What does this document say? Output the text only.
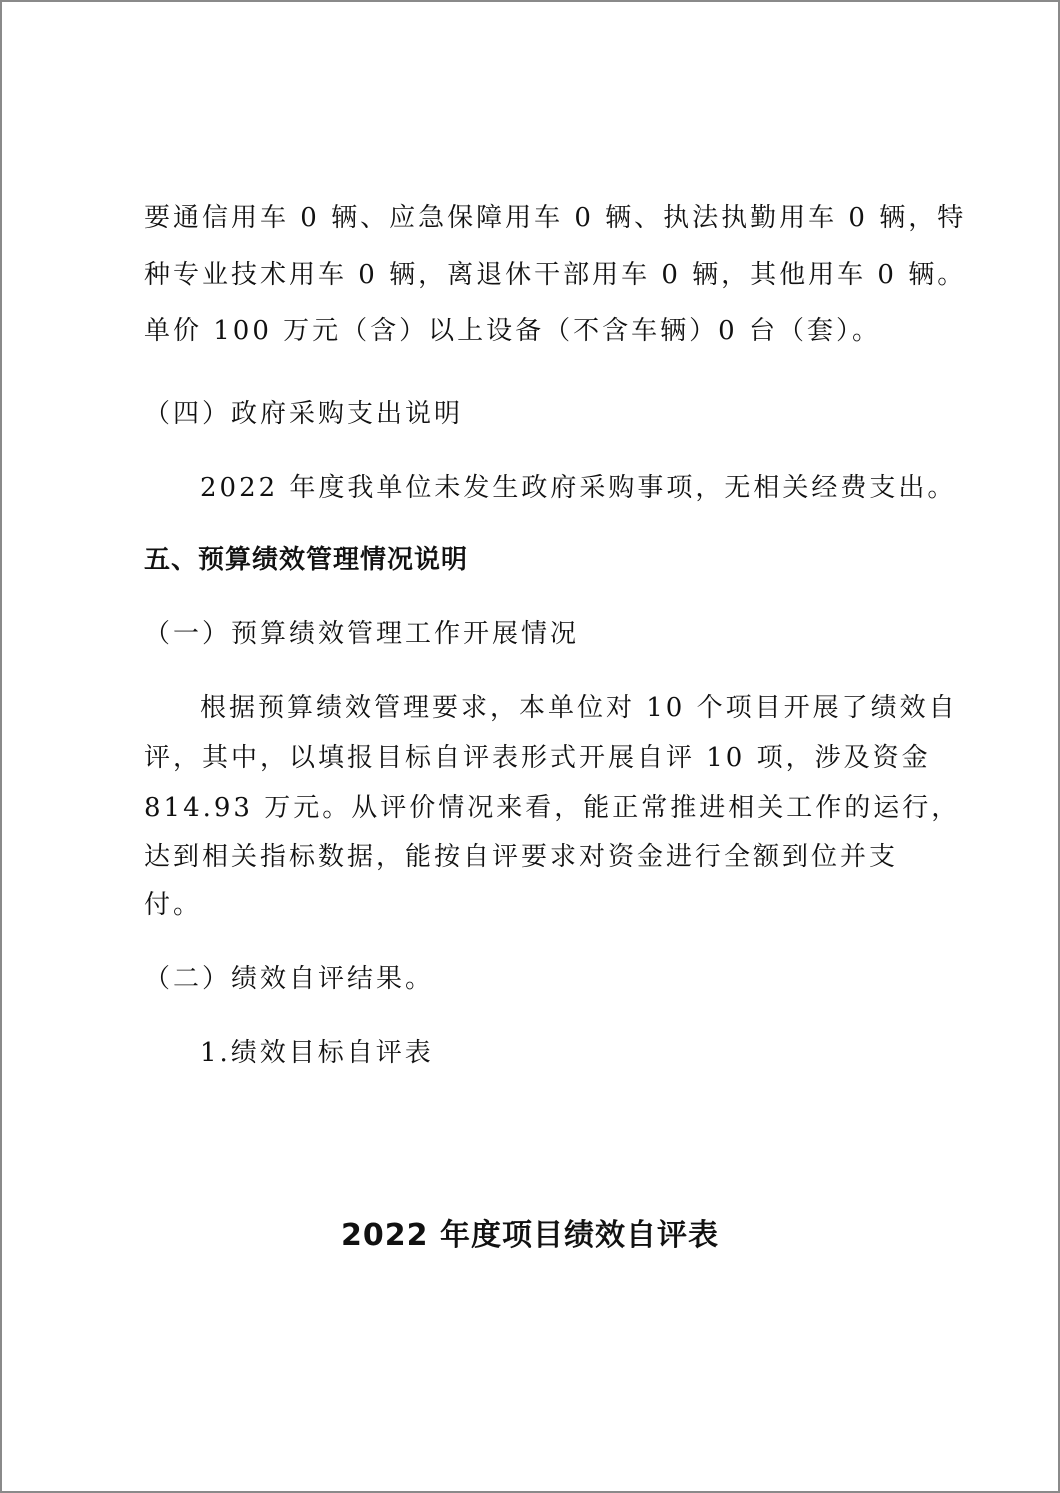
要通信用车 0 辆、应急保障用车 0 辆、执法执勤用车 0 辆，特
种专业技术用车 0 辆，离退休干部用车 0 辆，其他用车 0 辆。
单价 100 万元（含）以上设备（不含车辆）0 台（套）。
（四）政府采购支出说明
2022 年度我单位未发生政府采购事项，无相关经费支出。
五、预算绩效管理情况说明
（一）预算绩效管理工作开展情况
根据预算绩效管理要求，本单位对 10 个项目开展了绩效自
评，其中，以填报目标自评表形式开展自评 10 项，涉及资金
814.93 万元。从评价情况来看，能正常推进相关工作的运行，
达到相关指标数据，能按自评要求对资金进行全额到位并支
付。
（二）绩效自评结果。
1.绩效目标自评表
2022 年度项目绩效自评表
